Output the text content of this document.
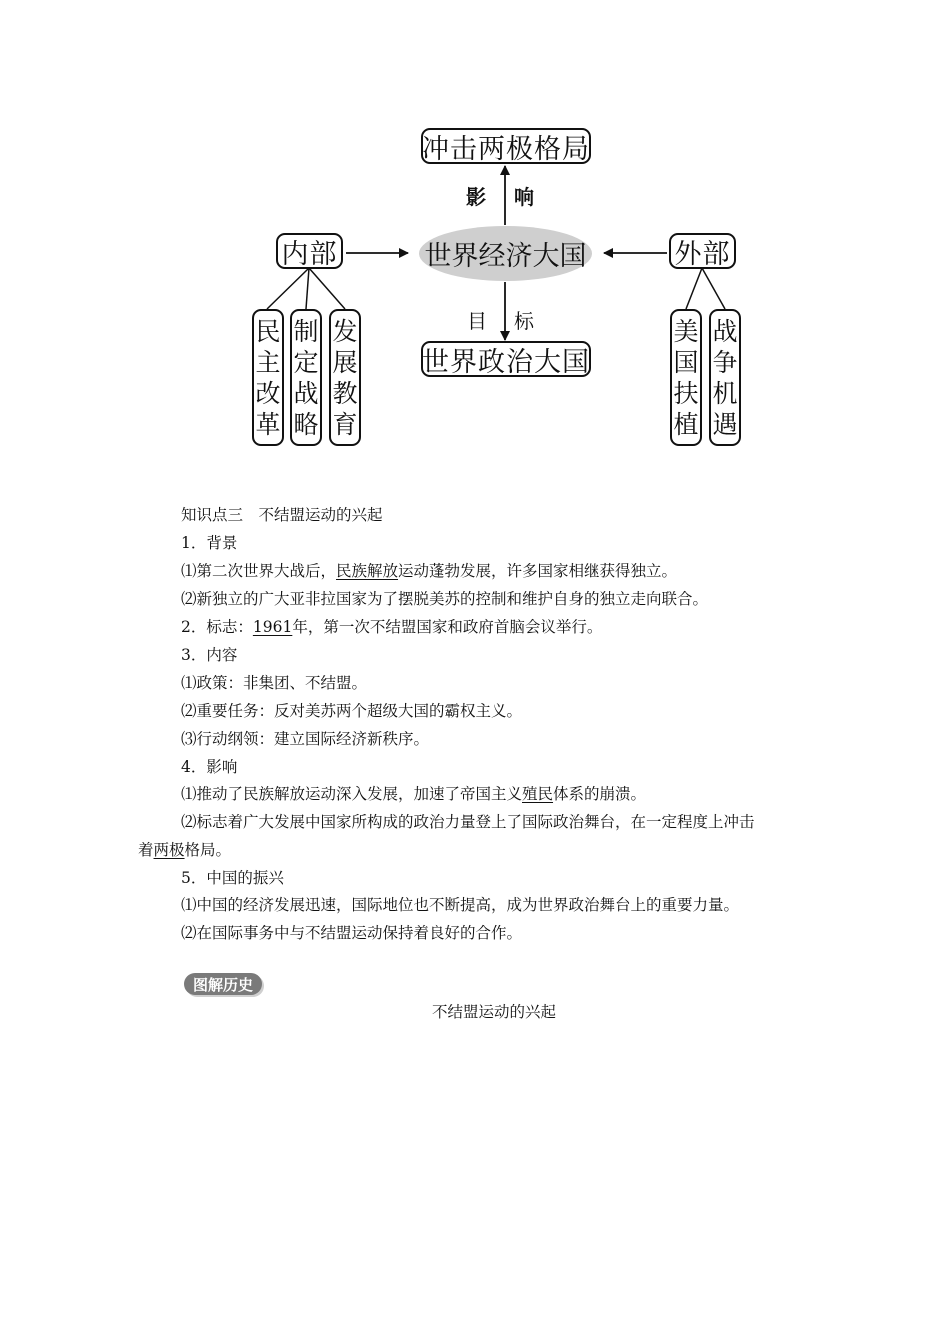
冲击两极格局
世界经济大国
世界政治大国
影 响
目 标
内部	外部
民主改革
制定战略
发展教育
美国扶植
战争机遇
知识点三　不结盟运动的兴起
1．背景
⑴第二次世界大战后，民族解放运动蓬勃发展，许多国家相继获得独立。
⑵新独立的广大亚非拉国家为了摆脱美苏的控制和维护自身的独立走向联合。
2．标志：1961年，第一次不结盟国家和政府首脑会议举行。
3．内容
⑴政策：非集团、不结盟。
⑵重要任务：反对美苏两个超级大国的霸权主义。
⑶行动纲领：建立国际经济新秩序。
4．影响
⑴推动了民族解放运动深入发展，加速了帝国主义殖民体系的崩溃。
⑵标志着广大发展中国家所构成的政治力量登上了国际政治舞台，在一定程度上冲击
着两极格局。
5．中国的振兴
⑴中国的经济发展迅速，国际地位也不断提高，成为世界政治舞台上的重要力量。
⑵在国际事务中与不结盟运动保持着良好的合作。
图解历史
不结盟运动的兴起
